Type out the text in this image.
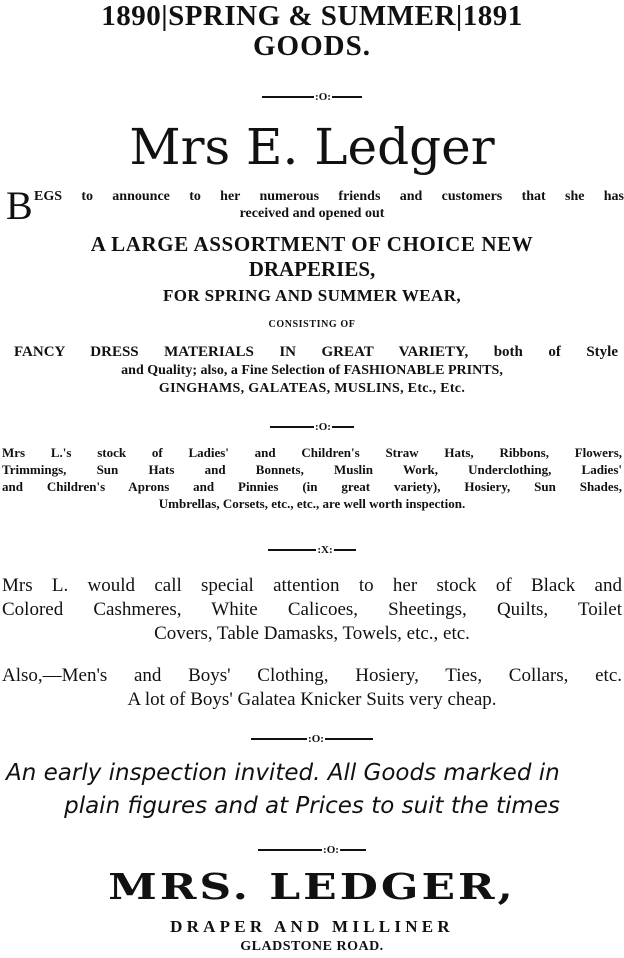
1890|SPRING & SUMMER|1891
GOODS.
:O:
Mrs E. Ledger
B EGS to announce to her numerous friends and customers that she has
received and opened out
A LARGE ASSORTMENT OF CHOICE NEW
DRAPERIES,
FOR SPRING AND SUMMER WEAR,
CONSISTING OF
FANCY DRESS MATERIALS IN GREAT VARIETY, both of Style
and Quality; also, a Fine Selection of FASHIONABLE PRINTS,
GINGHAMS, GALATEAS, MUSLINS, Etc., Etc.
:O:
Mrs L.'s stock of Ladies' and Children's Straw Hats, Ribbons, Flowers,
Trimmings, Sun Hats and Bonnets, Muslin Work, Underclothing, Ladies'
and Children's Aprons and Pinnies (in great variety), Hosiery, Sun Shades,
Umbrellas, Corsets, etc., etc., are well worth inspection.
:X:
Mrs L. would call special attention to her stock of Black and
Colored Cashmeres, White Calicoes, Sheetings, Quilts, Toilet
Covers, Table Damasks, Towels, etc., etc.
Also,—Men's and Boys' Clothing, Hosiery, Ties, Collars, etc.
A lot of Boys' Galatea Knicker Suits very cheap.
:O:
An early inspection invited. All Goods marked in
plain figures and at Prices to suit the times
:O:
MRS. LEDGER,
DRAPER AND MILLINER
GLADSTONE ROAD.
